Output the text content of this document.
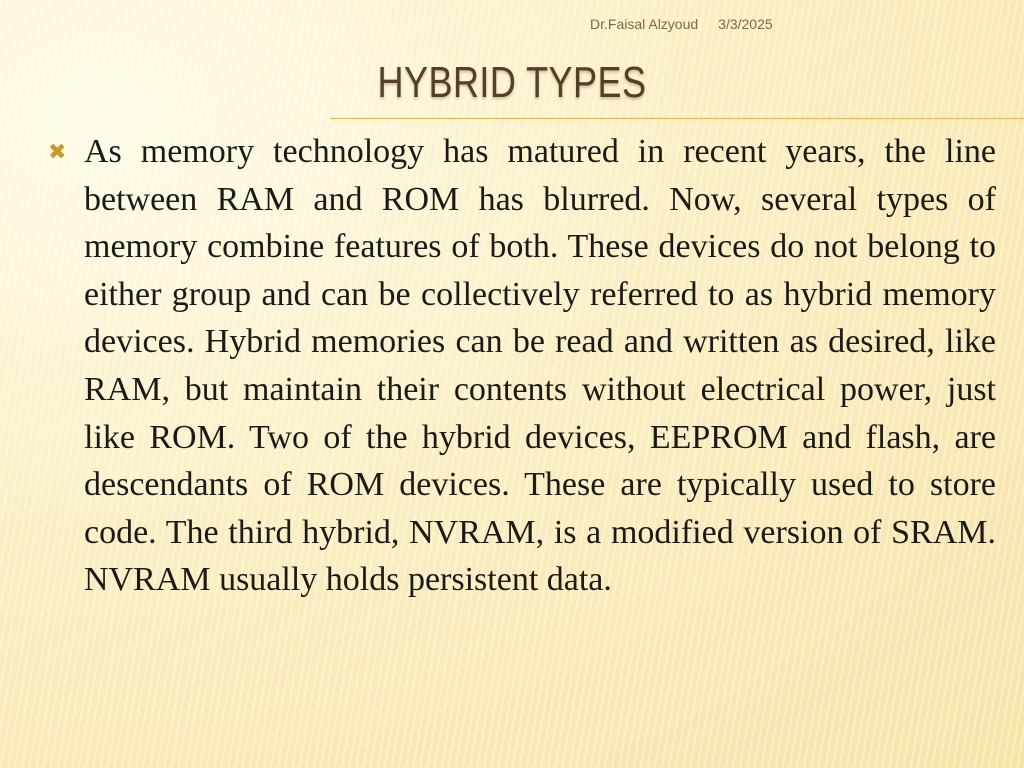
Dr.Faisal Alzyoud 3/3/2025
HYBRID TYPES
✖ As memory technology has matured in recent years, the line between RAM and ROM has blurred. Now, several types of memory combine features of both. These devices do not belong to either group and can be collectively referred to as hybrid memory devices. Hybrid memories can be read and written as desired, like RAM, but maintain their contents without electrical power, just like ROM. Two of the hybrid devices, EEPROM and flash, are descendants of ROM devices. These are typically used to store code. The third hybrid, NVRAM, is a modified version of SRAM. NVRAM usually holds persistent data.
